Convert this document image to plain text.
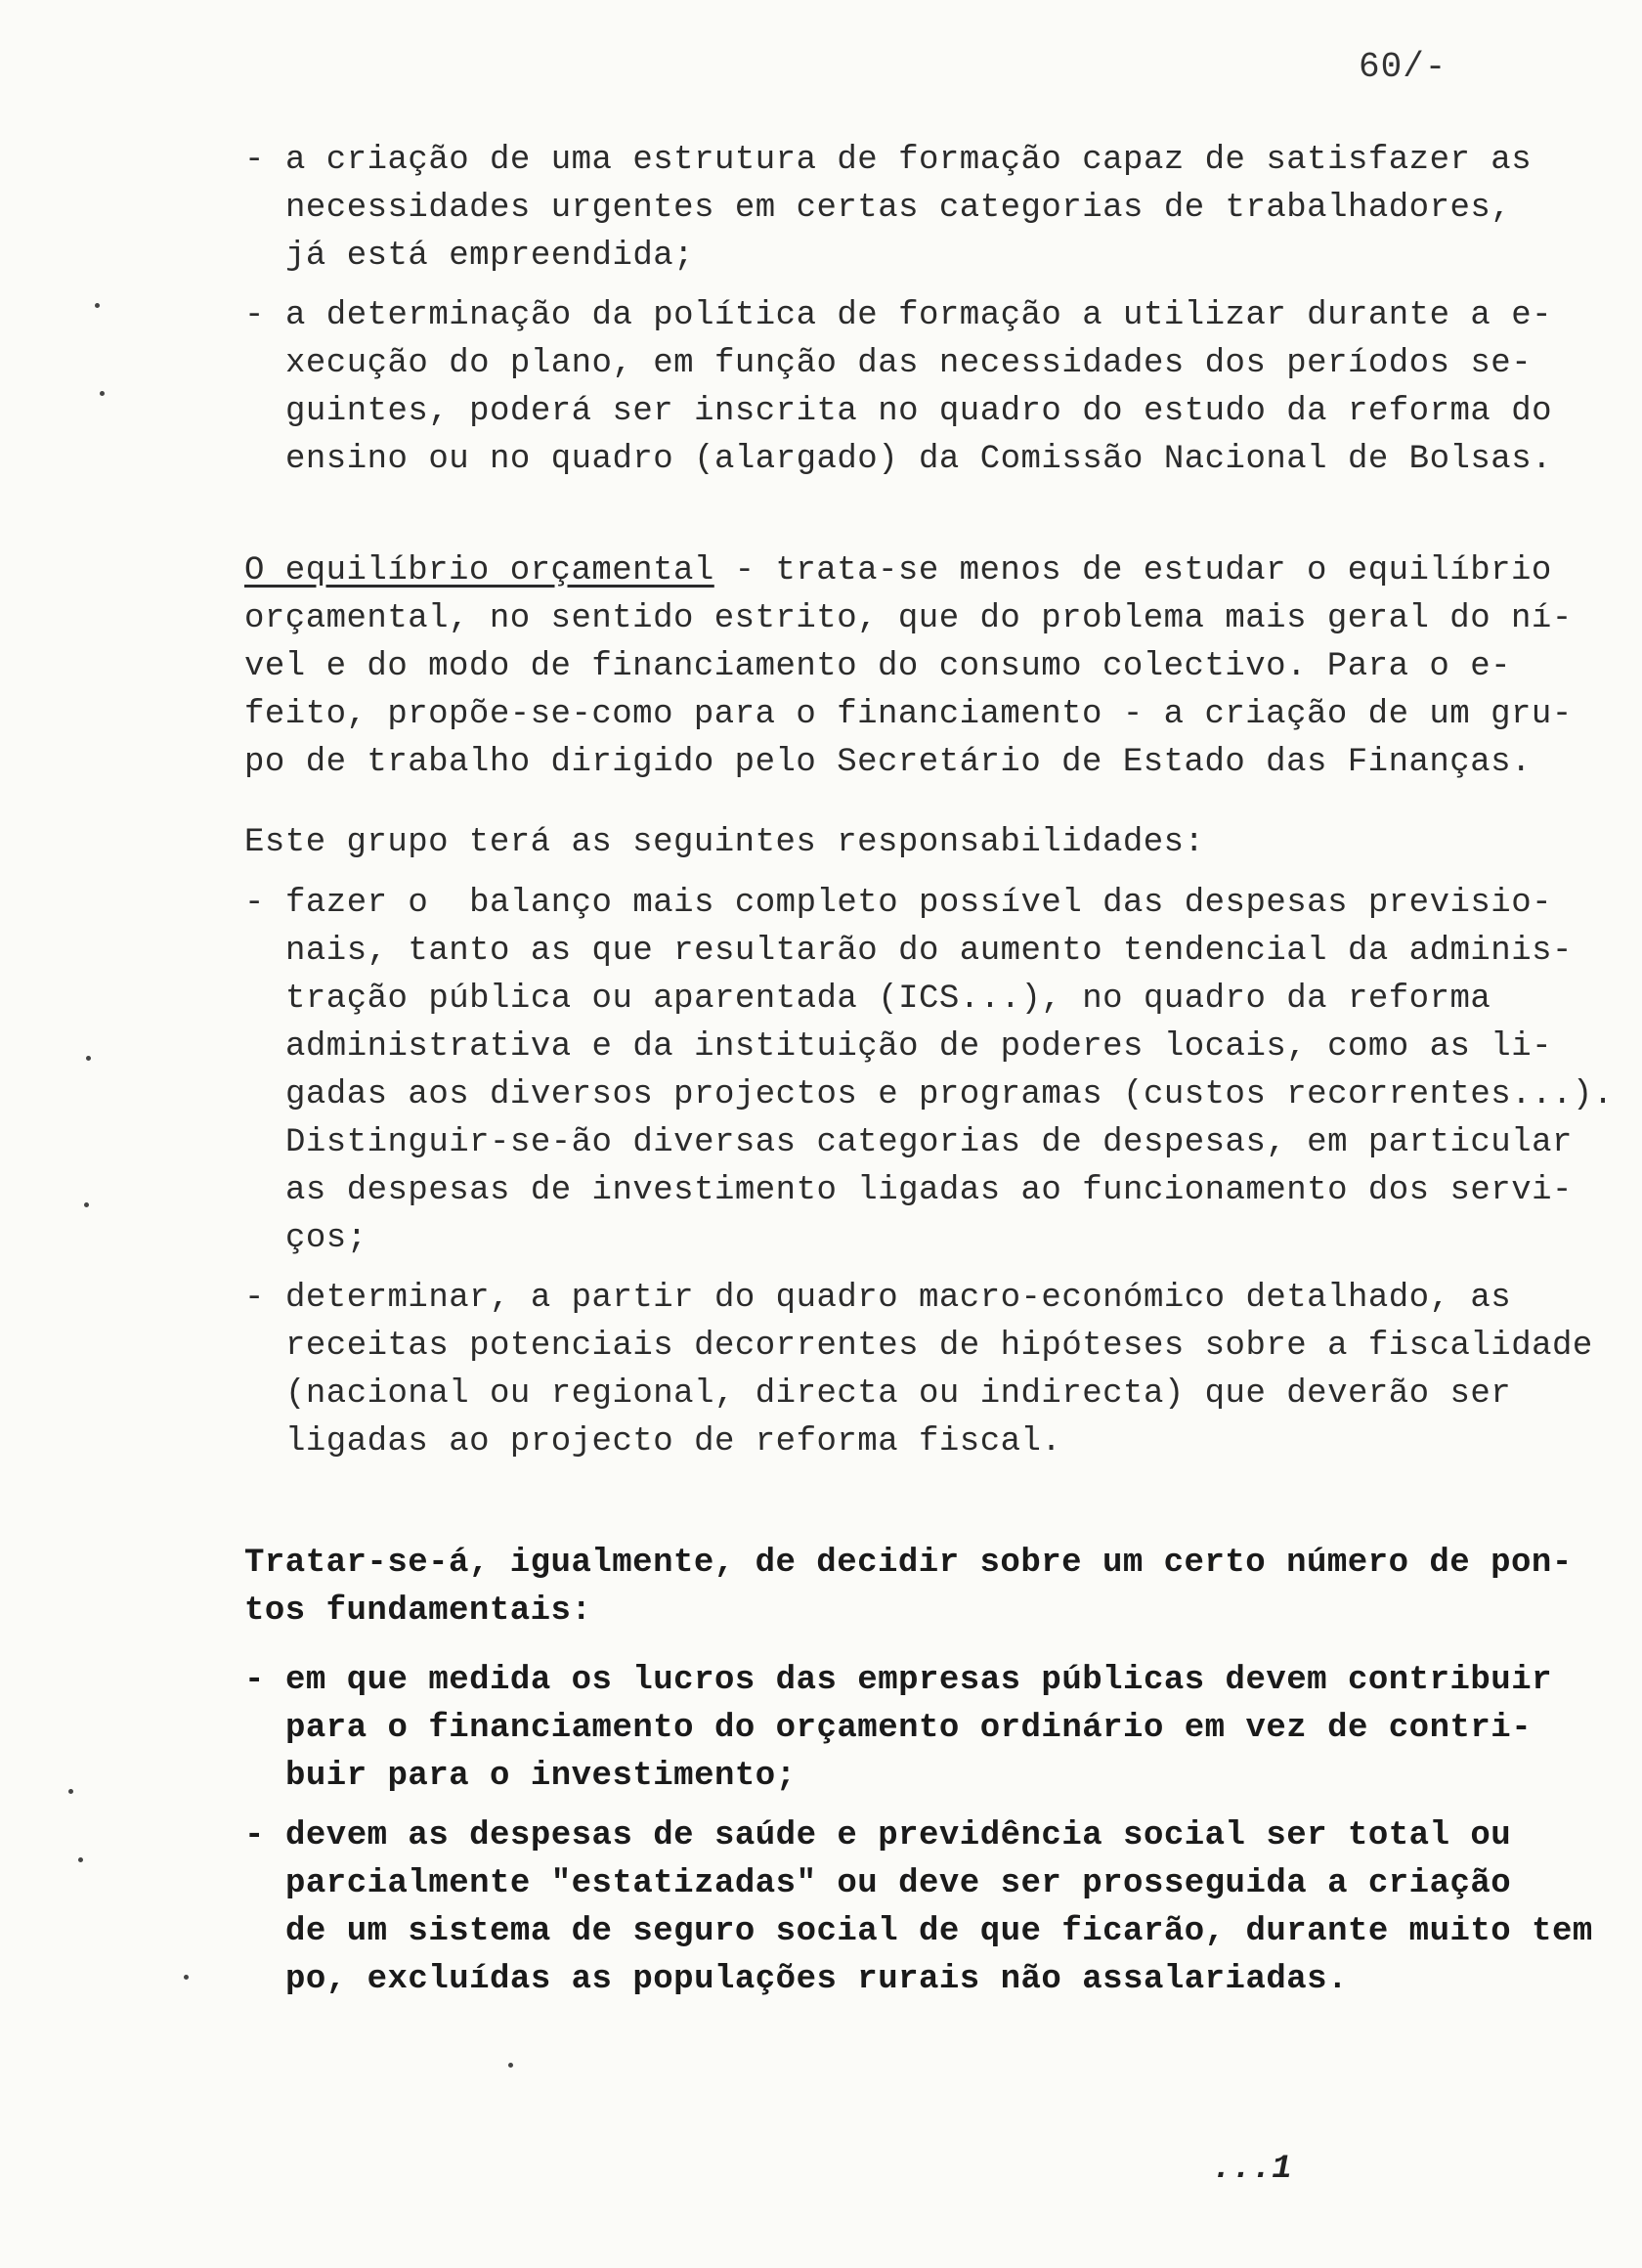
60/-
- a criação de uma estrutura de formação capaz de satisfazer as
necessidades urgentes em certas categorias de trabalhadores,
já está empreendida;
- a determinação da política de formação a utilizar durante a e-
xecução do plano, em função das necessidades dos períodos se-
guintes, poderá ser inscrita no quadro do estudo da reforma do
ensino ou no quadro (alargado) da Comissão Nacional de Bolsas.
O equilíbrio orçamental - trata-se menos de estudar o equilíbrio
orçamental, no sentido estrito, que do problema mais geral do ní-
vel e do modo de financiamento do consumo colectivo. Para o e-
feito, propõe-se-como para o financiamento - a criação de um gru-
po de trabalho dirigido pelo Secretário de Estado das Finanças.
Este grupo terá as seguintes responsabilidades:
- fazer o  balanço mais completo possível das despesas previsio-
nais, tanto as que resultarão do aumento tendencial da adminis-
tração pública ou aparentada (ICS...), no quadro da reforma
administrativa e da instituição de poderes locais, como as li-
gadas aos diversos projectos e programas (custos recorrentes...).
Distinguir-se-ão diversas categorias de despesas, em particular
as despesas de investimento ligadas ao funcionamento dos servi-
ços;
- determinar, a partir do quadro macro-económico detalhado, as
receitas potenciais decorrentes de hipóteses sobre a fiscalidade
(nacional ou regional, directa ou indirecta) que deverão ser
ligadas ao projecto de reforma fiscal.
Tratar-se-á, igualmente, de decidir sobre um certo número de pon-
tos fundamentais:
- em que medida os lucros das empresas públicas devem contribuir
para o financiamento do orçamento ordinário em vez de contri-
buir para o investimento;
- devem as despesas de saúde e previdência social ser total ou
parcialmente "estatizadas" ou deve ser prosseguida a criação
de um sistema de seguro social de que ficarão, durante muito tem
po, excluídas as populações rurais não assalariadas.
...1
